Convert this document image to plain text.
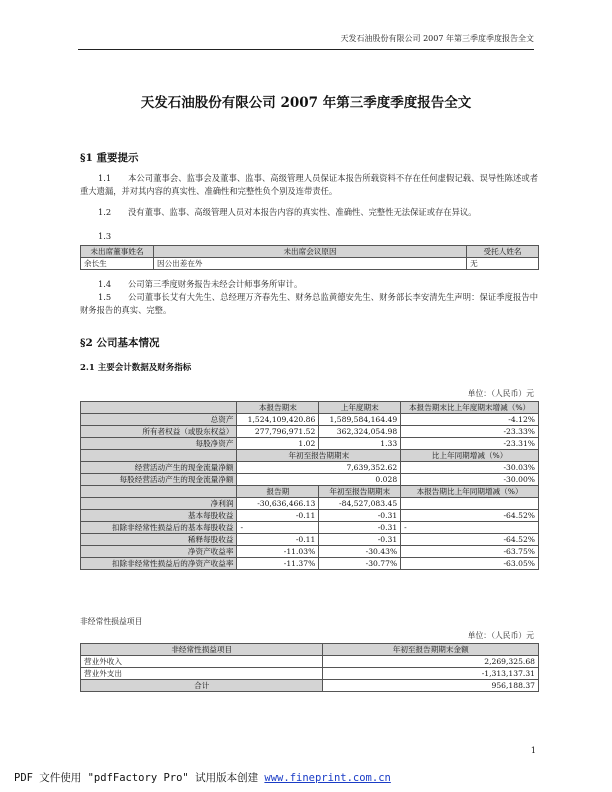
天发石油股份有限公司 2007 年第三季度季度报告全文
天发石油股份有限公司 2007 年第三季度季度报告全文
§1 重要提示
1.1 本公司董事会、监事会及董事、监事、高级管理人员保证本报告所载资料不存在任何虚假记载、误导性陈述或者重大遗漏，并对其内容的真实性、准确性和完整性负个别及连带责任。
1.2 没有董事、监事、高级管理人员对本报告内容的真实性、准确性、完整性无法保证或存在异议。
1.3
未出席董事姓名	未出席会议原因	受托人姓名
余长生	因公出差在外	无
1.4 公司第三季度财务报告未经会计师事务所审计。
1.5 公司董事长艾有大先生、总经理万齐春先生、财务总监黄德安先生、财务部长李安清先生声明：保证季度报告中财务报告的真实、完整。
§2 公司基本情况
2.1 主要会计数据及财务指标
单位：（人民币）元
	本报告期末	上年度期末	本报告期末比上年度期末增减（%）
总资产	1,524,109,420.86	1,589,584,164.49	-4.12%
所有者权益（或股东权益）	277,796,971.52	362,324,054.98	-23.33%
每股净资产	1.02	1.33	-23.31%
	年初至报告期期末		比上年同期增减（%）
经营活动产生的现金流量净额	7,639,352.62		-30.03%
每股经营活动产生的现金流量净额	0.028		-30.00%
	报告期	年初至报告期期末	本报告期比上年同期增减（%）
净利润	-30,636,466.13	-84,527,083.45	
基本每股收益	-0.11	-0.31	-64.52%
扣除非经常性损益后的基本每股收益	-	-0.31	-
稀释每股收益	-0.11	-0.31	-64.52%
净资产收益率	-11.03%	-30.43%	-63.75%
扣除非经常性损益后的净资产收益率	-11.37%	-30.77%	-63.05%
非经常性损益项目
单位：（人民币）元
非经常性损益项目	年初至报告期期末金额
营业外收入	2,269,325.68
营业外支出	-1,313,137.31
合计	956,188.37
1
PDF 文件使用 "pdfFactory Pro" 试用版本创建 www.fineprint.com.cn
